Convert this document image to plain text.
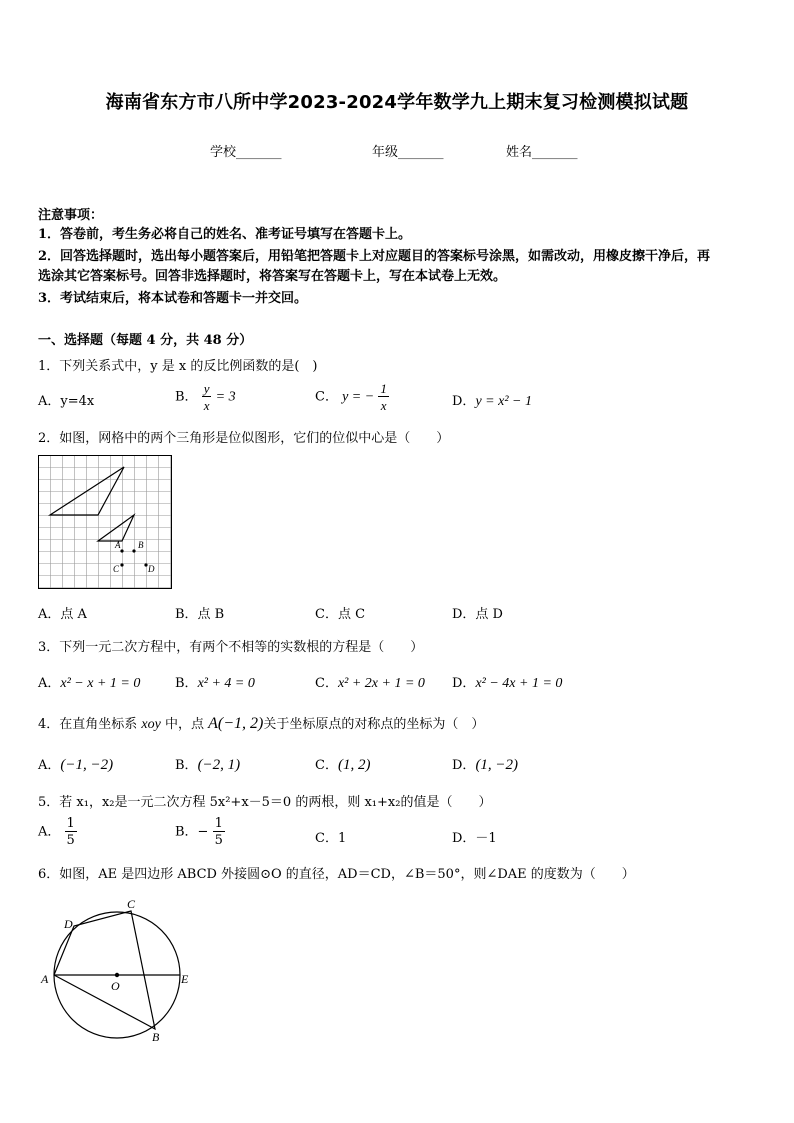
海南省东方市八所中学2023-2024学年数学九上期末复习检测模拟试题
学校_______	年级_______	姓名_______
注意事项：
1．答卷前，考生务必将自己的姓名、准考证号填写在答题卡上。
2．回答选择题时，选出每小题答案后，用铅笔把答题卡上对应题目的答案标号涂黑，如需改动，用橡皮擦干净后，再
选涂其它答案标号。回答非选择题时，将答案写在答题卡上，写在本试卷上无效。
3．考试结束后，将本试卷和答题卡一并交回。
一、选择题（每题 4 分，共 48 分）
1．下列关系式中，y 是 x 的反比例函数的是(　)
A．y=4x	B． $\frac{y}{x} = 3$	C． y = − $\frac{1}{x}$	D．y = x² − 1
2．如图，网格中的两个三角形是位似图形，它们的位似中心是（　　）
A B
C	D
A．点 A	B．点 B	C．点 C	D．点 D
3．下列一元二次方程中，有两个不相等的实数根的方程是（　　）
A．x² − x + 1 = 0	B．x² + 4 = 0	C．x² + 2x + 1 = 0 D．x² − 4x + 1 = 0
4．在直角坐标系 xoy 中，点 A(−1, 2)关于坐标原点的对称点的坐标为（　）
A．(−1, −2)	B．(−2, 1)	C．(1, 2)	D．(1, −2)
5．若 x₁，x₂是一元二次方程 5x²+x－5＝0 的两根，则 x₁+x₂的值是（　　）
A． $\frac{1}{5}$	B．− $\frac{1}{5}$	C．1	D．－1
6．如图，AE 是四边形 ABCD 外接圆⊙O 的直径，AD＝CD，∠B＝50°，则∠DAE 的度数为（　　）
A
B
C
D
E
O
